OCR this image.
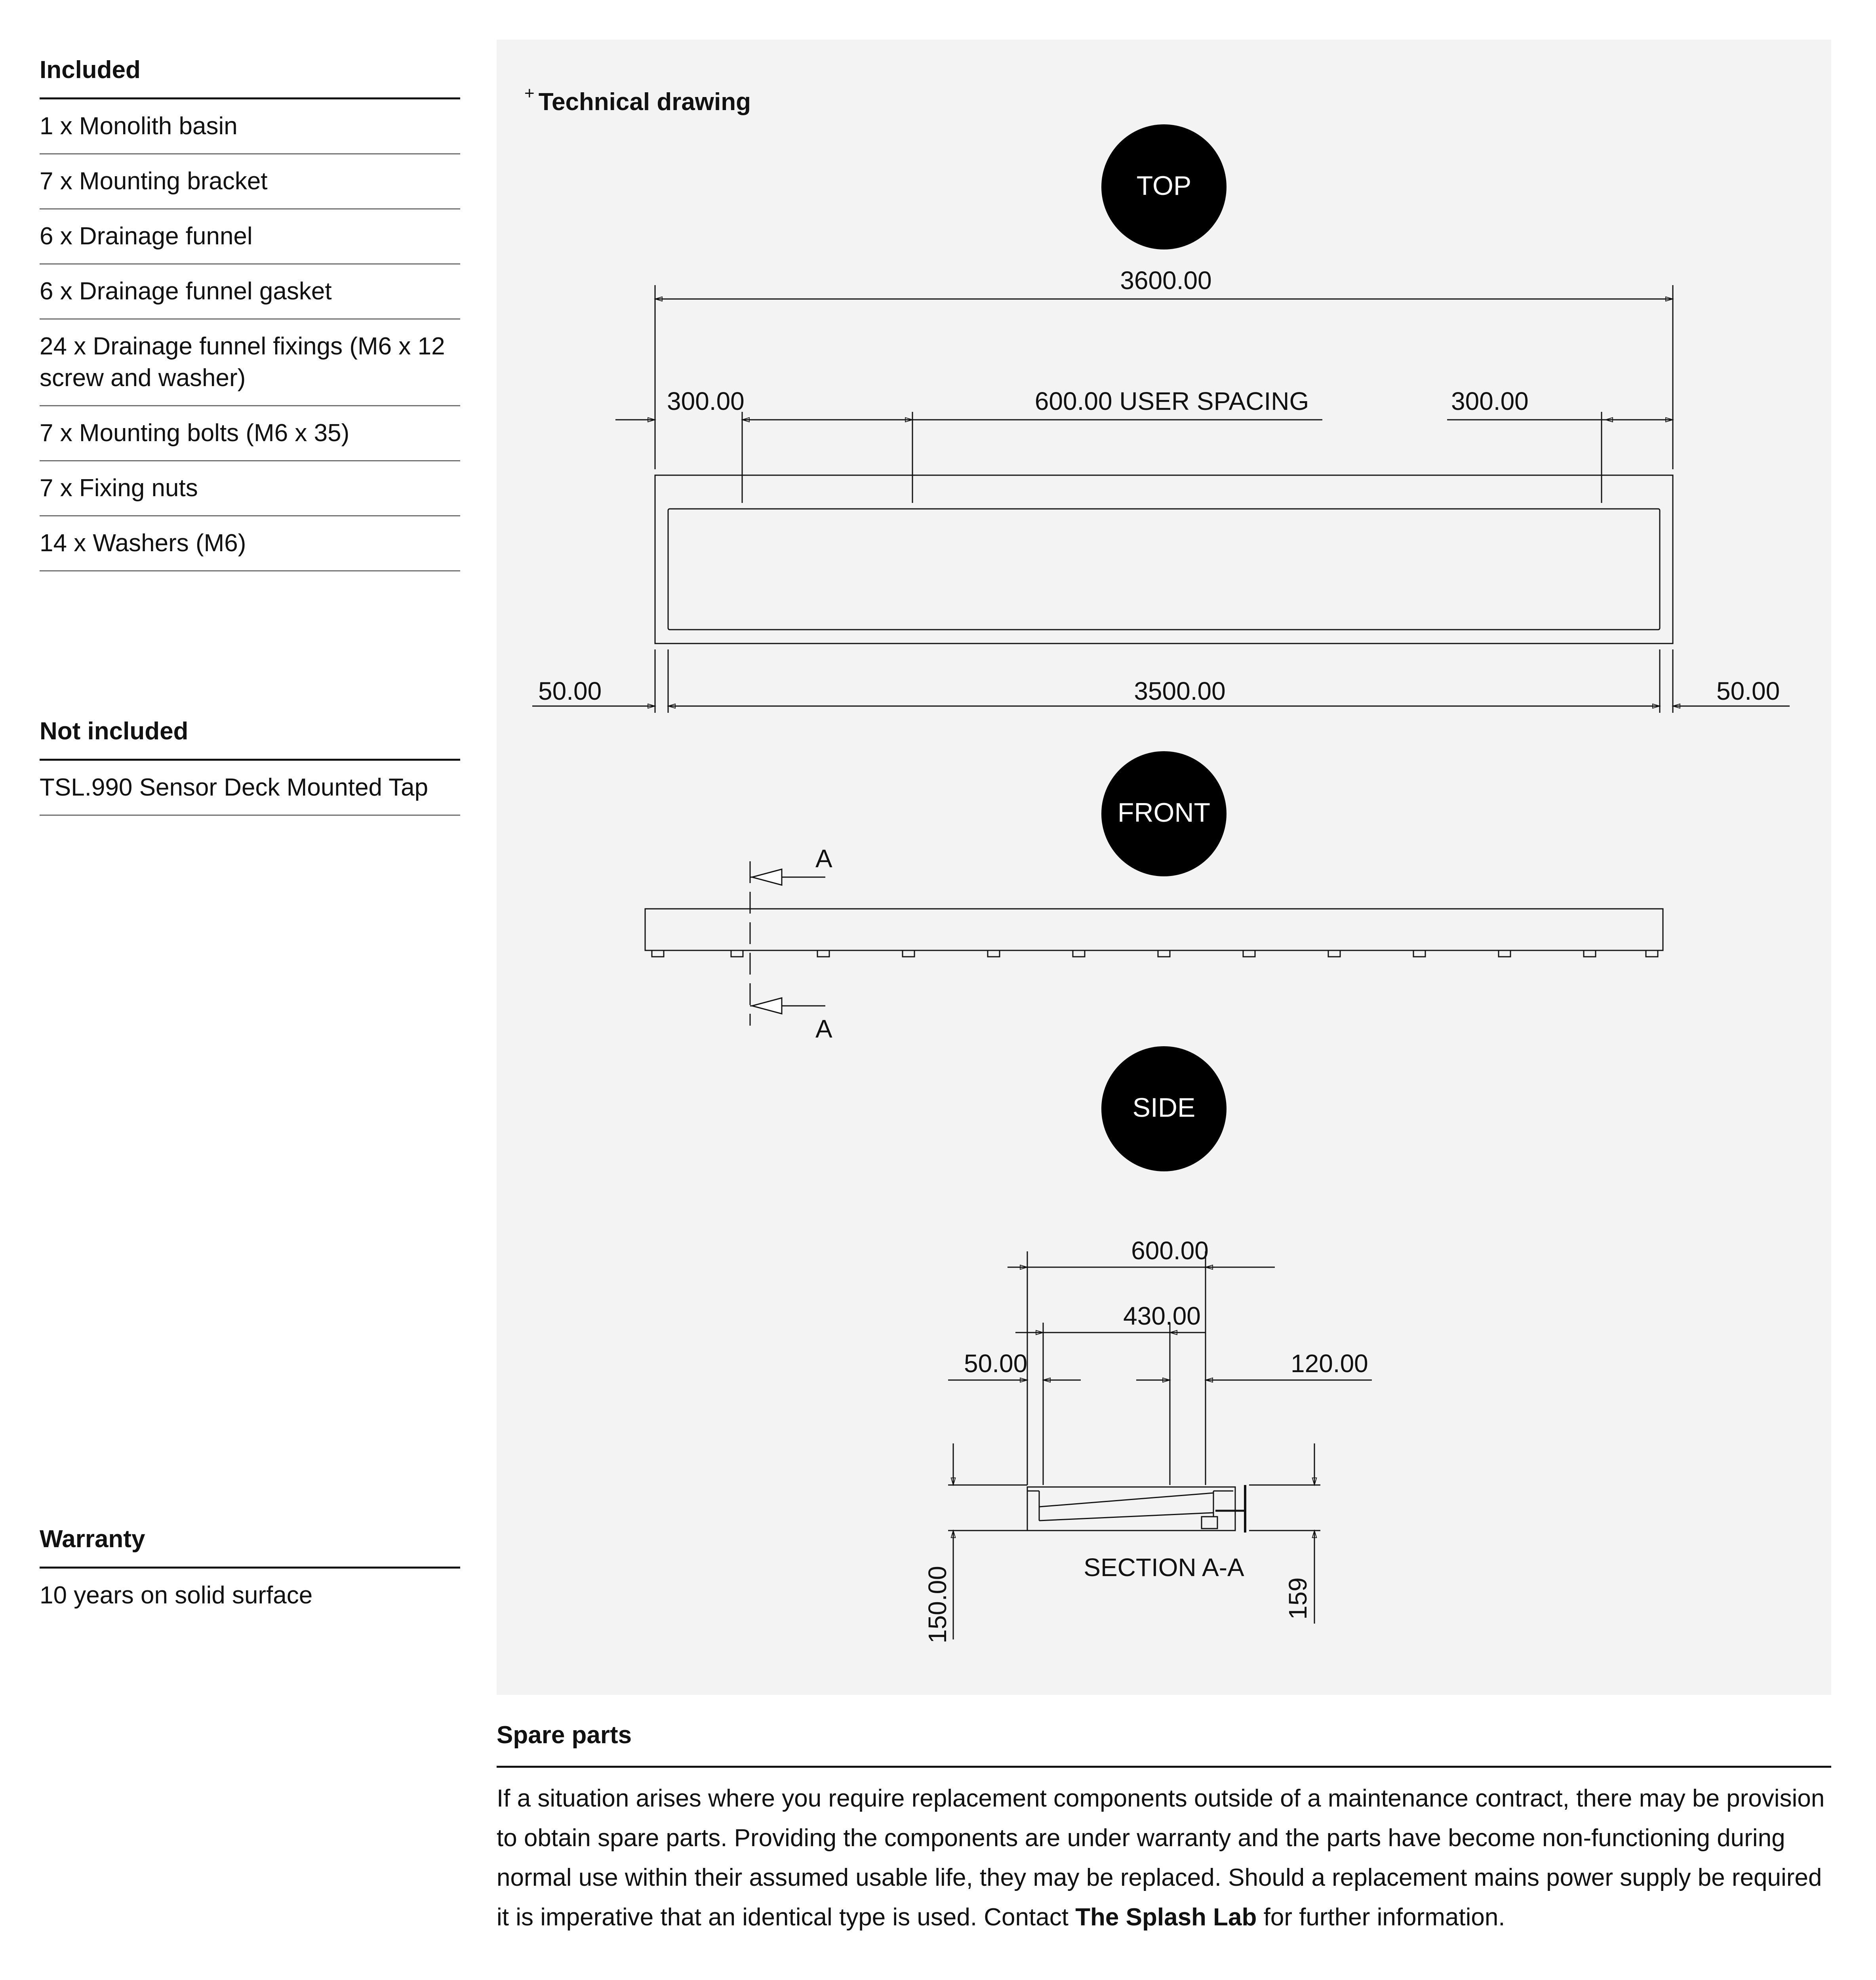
Included
1 x Monolith basin
7 x Mounting bracket
6 x Drainage funnel
6 x Drainage funnel gasket
24 x Drainage funnel fixings (M6 x 12 screw and washer)
7 x Mounting bolts (M6 x 35)
7 x Fixing nuts
14 x Washers (M6)
Not included
TSL.990 Sensor Deck Mounted Tap
Warranty
10 years on solid surface
+ Technical drawing
TOP
FRONT
SIDE
3600.00
300.00	600.00 USER SPACING	300.00
50.00	3500.00	50.00
A
A
600.00
430.00
50.00	120.00
SECTION A-A
150.00	159
Spare parts

If a situation arises where you require replacement components outside of a maintenance contract, there may be provision to obtain spare parts. Providing the components are under warranty and the parts have become non-functioning during normal use within their assumed usable life, they may be replaced. Should a replacement mains power supply be required it is imperative that an identical type is used. Contact The Splash Lab for further information.
